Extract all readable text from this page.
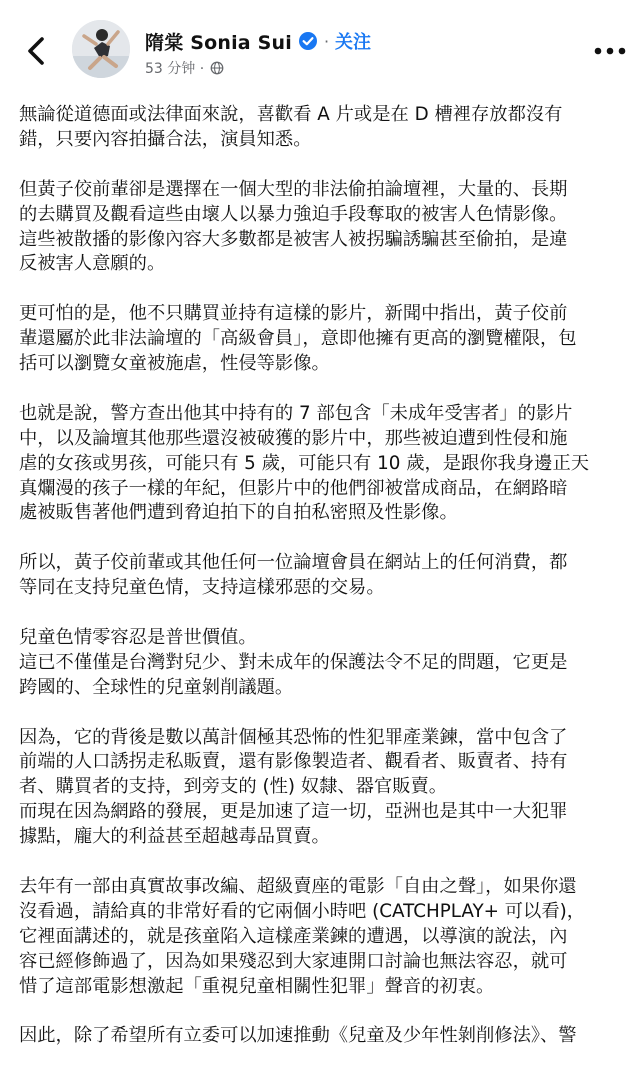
隋棠 Sonia Sui · 关注
53 分钟 ·

無論從道德面或法律面來說，喜歡看 A 片或是在 D 槽裡存放都沒有
錯，只要內容拍攝合法，演員知悉。

但黃子佼前輩卻是選擇在一個大型的非法偷拍論壇裡，大量的、長期
的去購買及觀看這些由壞人以暴力強迫手段奪取的被害人色情影像。
這些被散播的影像內容大多數都是被害人被拐騙誘騙甚至偷拍，是違
反被害人意願的。

更可怕的是，他不只購買並持有這樣的影片，新聞中指出，黃子佼前
輩還屬於此非法論壇的「高級會員」，意即他擁有更高的瀏覽權限，包
括可以瀏覽女童被施虐，性侵等影像。

也就是說，警方查出他其中持有的 7 部包含「未成年受害者」的影片
中，以及論壇其他那些還沒被破獲的影片中，那些被迫遭到性侵和施
虐的女孩或男孩，可能只有 5 歲，可能只有 10 歲，是跟你我身邊正天
真爛漫的孩子一樣的年紀，但影片中的他們卻被當成商品，在網路暗
處被販售著他們遭到脅迫拍下的自拍私密照及性影像。

所以，黃子佼前輩或其他任何一位論壇會員在網站上的任何消費，都
等同在支持兒童色情，支持這樣邪惡的交易。

兒童色情零容忍是普世價值。
這已不僅僅是台灣對兒少、對未成年的保護法令不足的問題，它更是
跨國的、全球性的兒童剝削議題。

因為，它的背後是數以萬計個極其恐怖的性犯罪產業鍊，當中包含了
前端的人口誘拐走私販賣，還有影像製造者、觀看者、販賣者、持有
者、購買者的支持，到旁支的 (性) 奴隸、器官販賣。
而現在因為網路的發展，更是加速了這一切，亞洲也是其中一大犯罪
據點，龐大的利益甚至超越毒品買賣。

去年有一部由真實故事改編、超級賣座的電影「自由之聲」，如果你還
沒看過，請給真的非常好看的它兩個小時吧 (CATCHPLAY+ 可以看)，
它裡面講述的，就是孩童陷入這樣產業鍊的遭遇，以導演的說法，內
容已經修飾過了，因為如果殘忍到大家連開口討論也無法容忍，就可
惜了這部電影想激起「重視兒童相關性犯罪」聲音的初衷。

因此，除了希望所有立委可以加速推動《兒童及少年性剝削修法》、警
